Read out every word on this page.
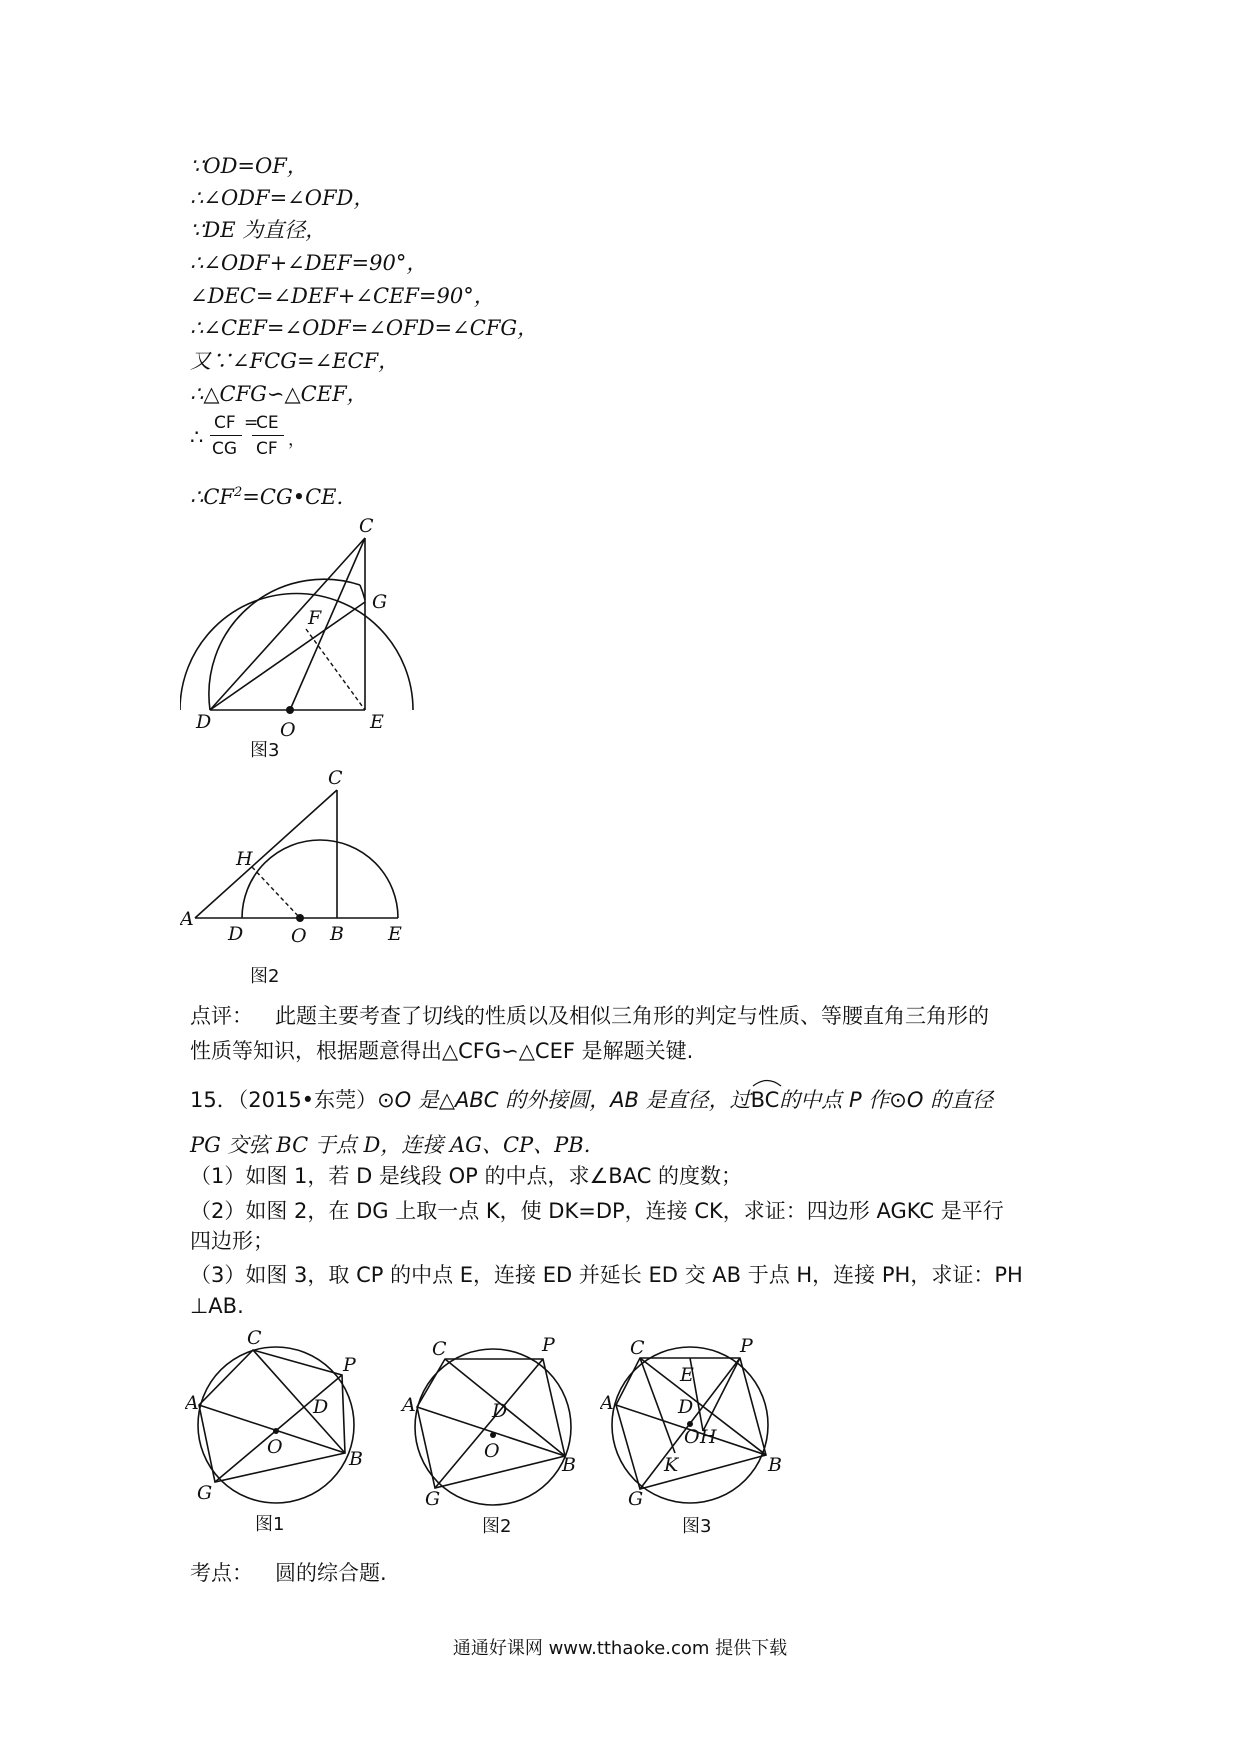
∵OD=OF，
∴∠ODF=∠OFD，
∵DE 为直径，
∴∠ODF+∠DEF=90°，
∠DEC=∠DEF+∠CEF=90°，
∴∠CEF=∠ODF=∠OFD=∠CFG，
又∵∠FCG=∠ECF，
∴△CFG∽△CEF，
∴
CF =
CE
CG CF ，
$\therefore CF^2=CG•CE$.
C
G
F
D	O	E
图3
C
H
A
D	O B E
图2
点评： 此题主要考查了切线的性质以及相似三角形的判定与性质、等腰直角三角形的
性质等知识，根据题意得出△CFG∽△CEF 是解题关键.
15．（2015•东莞）⊙O 是△ABC 的外接圆，AB 是直径，过
BC的中点 P 作⊙O 的直径
PG 交弦 BC 于点 D，连接 AG、CP、PB.
（1）如图 1，若 D 是线段 OP 的中点，求∠BAC 的度数；
（2）如图 2，在 DG 上取一点 K，使 DK=DP，连接 CK，求证：四边形 AGKC 是平行
四边形；
（3）如图 3，取 CP 的中点 E，连接 ED 并延长 ED 交 AB 于点 H，连接 PH，求证：PH
⊥AB.
C
P
A	D
O
B
G
图1
C	P
A	D
O
B
G
图2
C	P
E
A	D
O H
B
K
G
图3
考点： 圆的综合题.
通通好课网 www.tthaoke.com 提供下载
